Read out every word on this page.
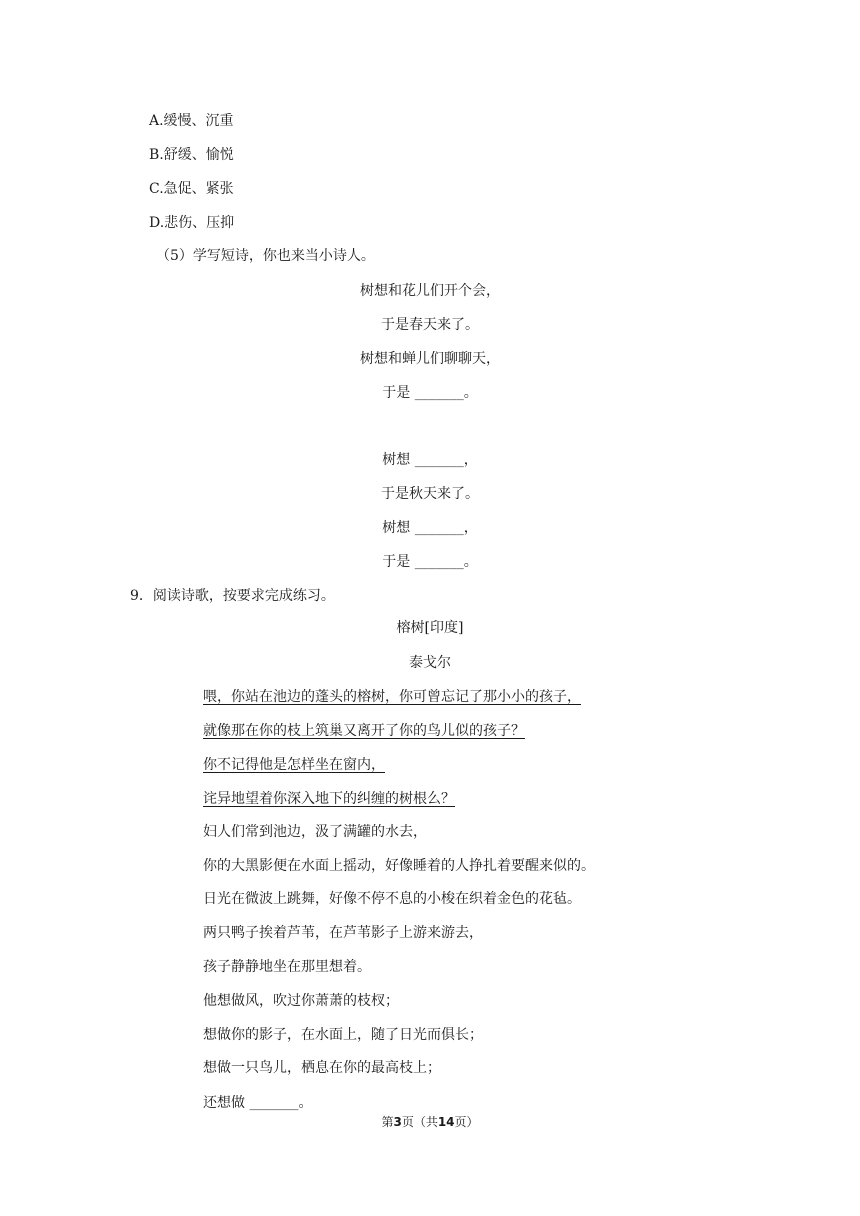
A.缓慢、沉重
B.舒缓、愉悦
C.急促、紧张
D.悲伤、压抑
（5）学写短诗，你也来当小诗人。
树想和花儿们开个会，
于是春天来了。
树想和蝉儿们聊聊天，
于是 _______。
树想 _______，
于是秋天来了。
树想 _______，
于是 _______。
9．阅读诗歌，按要求完成练习。
榕树[印度]
泰戈尔
喂，你站在池边的蓬头的榕树，你可曾忘记了那小小的孩子，
就像那在你的枝上筑巢又离开了你的鸟儿似的孩子？
你不记得他是怎样坐在窗内，
诧异地望着你深入地下的纠缠的树根么？
妇人们常到池边，汲了满罐的水去，
你的大黑影便在水面上摇动，好像睡着的人挣扎着要醒来似的。
日光在微波上跳舞，好像不停不息的小梭在织着金色的花毡。
两只鸭子挨着芦苇，在芦苇影子上游来游去，
孩子静静地坐在那里想着。
他想做风，吹过你萧萧的枝杈；
想做你的影子，在水面上，随了日光而俱长；
想做一只鸟儿，栖息在你的最高枝上；
还想做 _______。
第3页（共14页）
